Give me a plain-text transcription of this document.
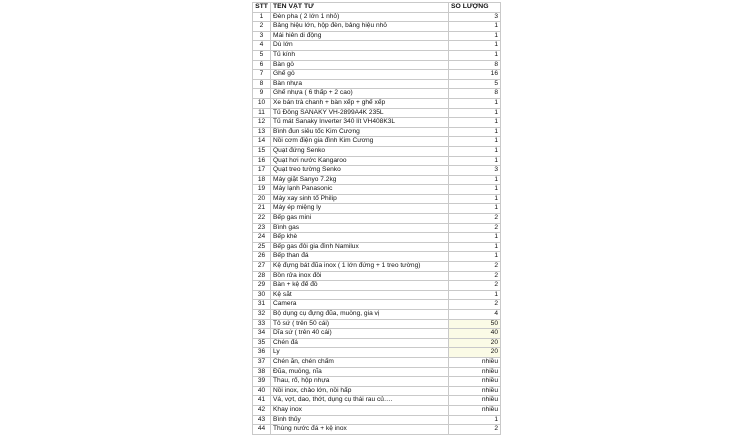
STT	TÊN VẬT TƯ	SỐ LƯỢNG
1	Đèn pha ( 2 lớn 1 nhỏ)	3
2	Bảng hiệu lớn, hộp đèn, bảng hiệu nhỏ	1
3	Mái hiên di động	1
4	Dù lớn	1
5	Tủ kính	1
6	Bàn gỗ	8
7	Ghế gỗ	16
8	Bàn nhựa	5
9	Ghế nhựa ( 6 thấp + 2 cao)	8
10	Xe bán trà chanh + bàn xếp + ghế xếp	1
11	Tủ Đông SANAKY VH-2899A4K 235L	1
12	Tủ mát Sanaky Inverter 340 lít VH408K3L	1
13	Bình đun siêu tốc Kim Cương	1
14	Nồi cơm điện gia đình Kim Cương	1
15	Quạt đứng Senko	1
16	Quạt hơi nước Kangaroo	1
17	Quạt treo tường Senko	3
18	Máy giặt Sanyo 7.2kg	1
19	Máy lạnh Panasonic	1
20	Máy xay sinh tố Philip	1
21	Máy ép miệng ly	1
22	Bếp gas mini	2
23	Bình gas	2
24	Bếp khè	1
25	Bếp gas đôi gia đình Namilux	1
26	Bếp than đá	1
27	Kệ đựng bát đũa inox ( 1 lớn đứng + 1 treo tường)	2
28	Bồn rửa inox đôi	2
29	Bàn + kệ để đồ	2
30	Kệ sắt	1
31	Camera	2
32	Bộ dụng cụ đựng đũa, muỗng, gia vị	4
33	Tô sứ ( trên 50 cái)	50
34	Dĩa sứ ( trên 40 cái)	40
35	Chén đá	20
36	Ly	20
37	Chén ăn, chén chấm	nhiều
38	Đũa, muỗng, nĩa	nhiều
39	Thau, rổ, hộp nhựa	nhiều
40	Nồi inox, chảo lớn, nồi hấp	nhiều
41	Vá, vợt, dao, thớt, dụng cụ thái rau củ….	nhiều
42	Khay inox	nhiều
43	Bình thủy	1
44	Thùng nước đá + kệ inox	2
